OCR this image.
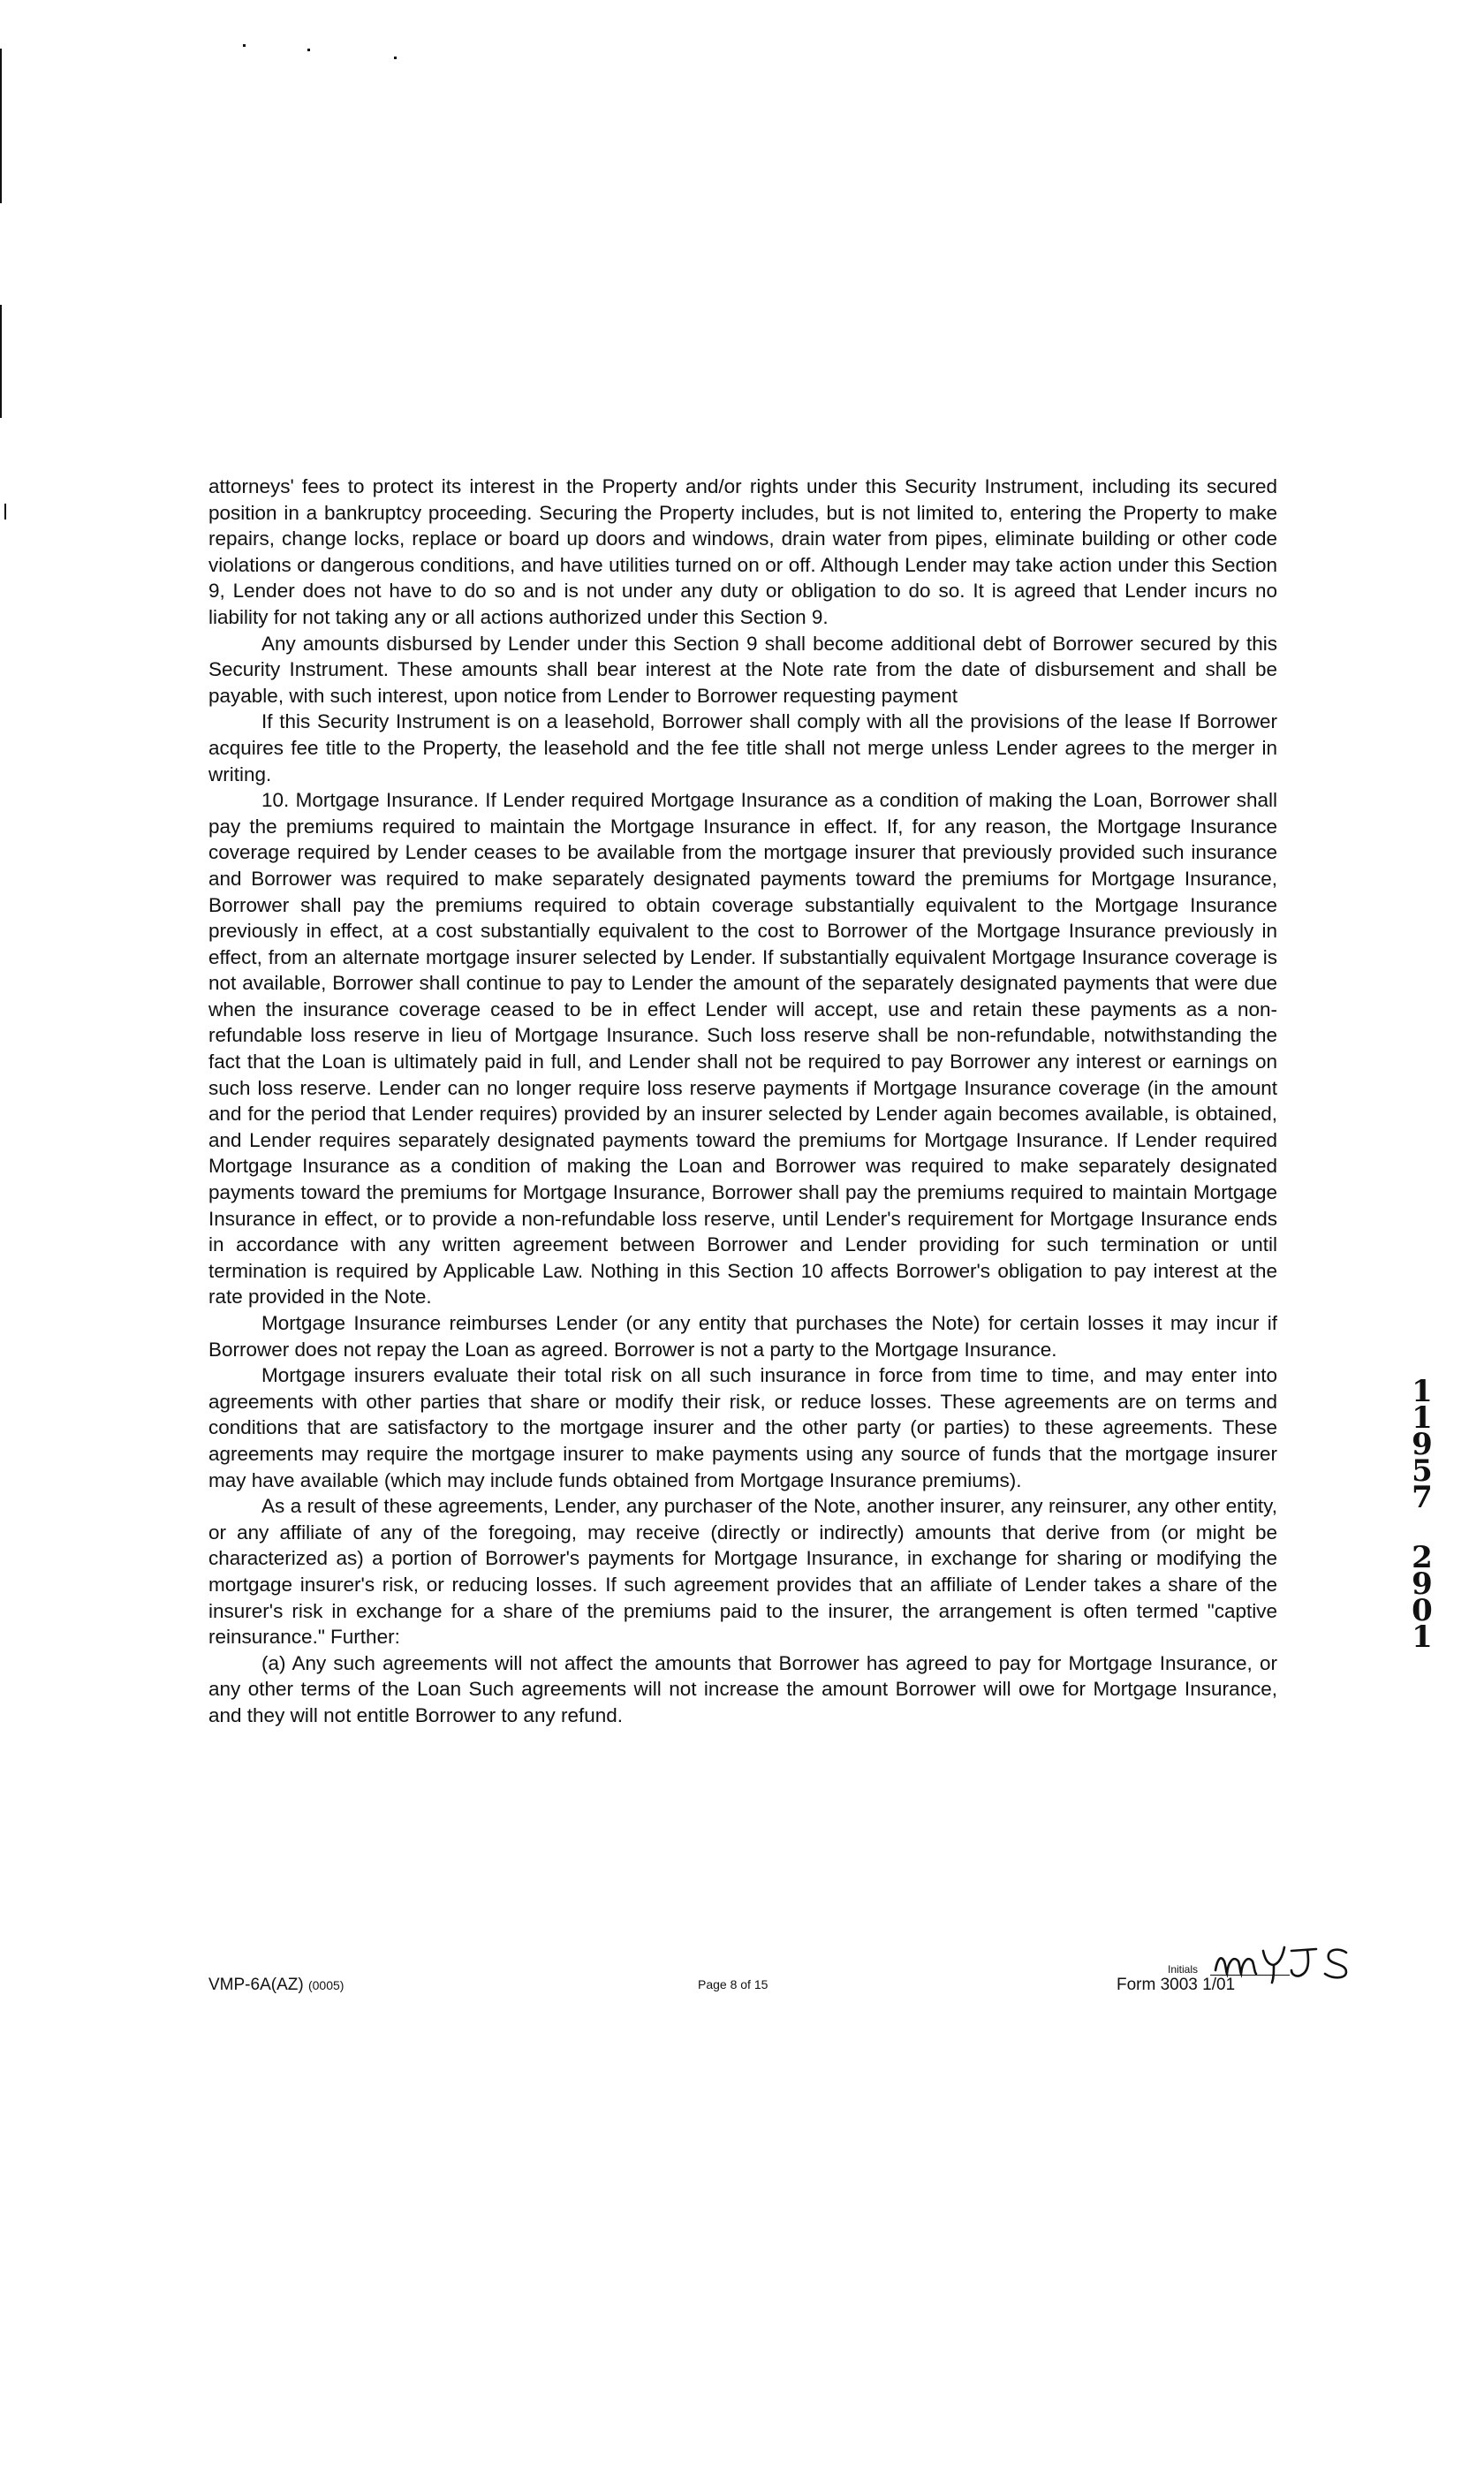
attorneys' fees to protect its interest in the Property and/or rights under this Security Instrument, including its secured position in a bankruptcy proceeding. Securing the Property includes, but is not limited to, entering the Property to make repairs, change locks, replace or board up doors and windows, drain water from pipes, eliminate building or other code violations or dangerous conditions, and have utilities turned on or off. Although Lender may take action under this Section 9, Lender does not have to do so and is not under any duty or obligation to do so. It is agreed that Lender incurs no liability for not taking any or all actions authorized under this Section 9.

Any amounts disbursed by Lender under this Section 9 shall become additional debt of Borrower secured by this Security Instrument. These amounts shall bear interest at the Note rate from the date of disbursement and shall be payable, with such interest, upon notice from Lender to Borrower requesting payment

If this Security Instrument is on a leasehold, Borrower shall comply with all the provisions of the lease If Borrower acquires fee title to the Property, the leasehold and the fee title shall not merge unless Lender agrees to the merger in writing.

10. Mortgage Insurance. If Lender required Mortgage Insurance as a condition of making the Loan, Borrower shall pay the premiums required to maintain the Mortgage Insurance in effect. If, for any reason, the Mortgage Insurance coverage required by Lender ceases to be available from the mortgage insurer that previously provided such insurance and Borrower was required to make separately designated payments toward the premiums for Mortgage Insurance, Borrower shall pay the premiums required to obtain coverage substantially equivalent to the Mortgage Insurance previously in effect, at a cost substantially equivalent to the cost to Borrower of the Mortgage Insurance previously in effect, from an alternate mortgage insurer selected by Lender. If substantially equivalent Mortgage Insurance coverage is not available, Borrower shall continue to pay to Lender the amount of the separately designated payments that were due when the insurance coverage ceased to be in effect Lender will accept, use and retain these payments as a non-refundable loss reserve in lieu of Mortgage Insurance. Such loss reserve shall be non-refundable, notwithstanding the fact that the Loan is ultimately paid in full, and Lender shall not be required to pay Borrower any interest or earnings on such loss reserve. Lender can no longer require loss reserve payments if Mortgage Insurance coverage (in the amount and for the period that Lender requires) provided by an insurer selected by Lender again becomes available, is obtained, and Lender requires separately designated payments toward the premiums for Mortgage Insurance. If Lender required Mortgage Insurance as a condition of making the Loan and Borrower was required to make separately designated payments toward the premiums for Mortgage Insurance, Borrower shall pay the premiums required to maintain Mortgage Insurance in effect, or to provide a non-refundable loss reserve, until Lender's requirement for Mortgage Insurance ends in accordance with any written agreement between Borrower and Lender providing for such termination or until termination is required by Applicable Law. Nothing in this Section 10 affects Borrower's obligation to pay interest at the rate provided in the Note.

Mortgage Insurance reimburses Lender (or any entity that purchases the Note) for certain losses it may incur if Borrower does not repay the Loan as agreed. Borrower is not a party to the Mortgage Insurance.

Mortgage insurers evaluate their total risk on all such insurance in force from time to time, and may enter into agreements with other parties that share or modify their risk, or reduce losses. These agreements are on terms and conditions that are satisfactory to the mortgage insurer and the other party (or parties) to these agreements. These agreements may require the mortgage insurer to make payments using any source of funds that the mortgage insurer may have available (which may include funds obtained from Mortgage Insurance premiums).

As a result of these agreements, Lender, any purchaser of the Note, another insurer, any reinsurer, any other entity, or any affiliate of any of the foregoing, may receive (directly or indirectly) amounts that derive from (or might be characterized as) a portion of Borrower's payments for Mortgage Insurance, in exchange for sharing or modifying the mortgage insurer's risk, or reducing losses. If such agreement provides that an affiliate of Lender takes a share of the insurer's risk in exchange for a share of the premiums paid to the insurer, the arrangement is often termed "captive reinsurance." Further:

(a) Any such agreements will not affect the amounts that Borrower has agreed to pay for Mortgage Insurance, or any other terms of the Loan Such agreements will not increase the amount Borrower will owe for Mortgage Insurance, and they will not entitle Borrower to any refund.

1
1
9
5
7
2
9
0
1
Initials
VMP-6A(AZ) (0005)	Page 8 of 15	Form 3003 1/01
